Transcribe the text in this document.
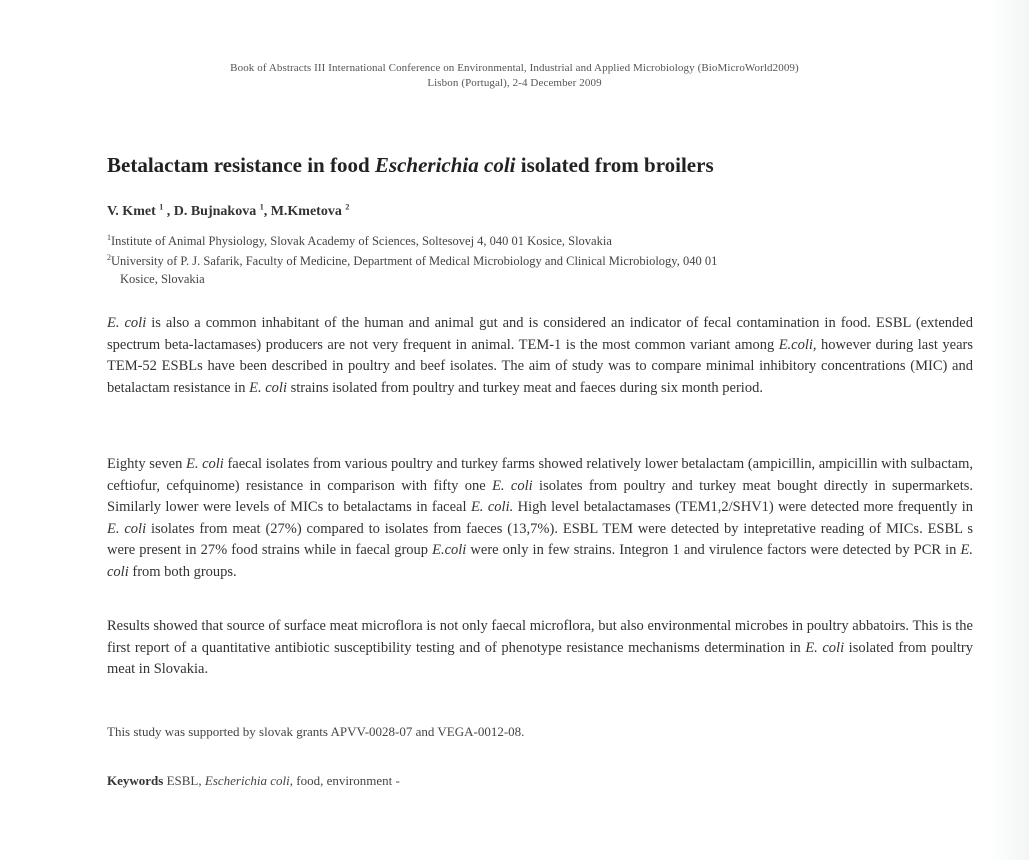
Book of Abstracts III International Conference on Environmental, Industrial and Applied Microbiology (BioMicroWorld2009)
Lisbon (Portugal), 2-4 December 2009
Betalactam resistance in food Escherichia coli isolated from broilers
V. Kmet $^1$ , D. Bujnakova $^1$, M.Kmetova $^2$
$^1$Institute of Animal Physiology, Slovak Academy of Sciences, Soltesovej 4, 040 01 Kosice, Slovakia
$^2$University of P. J. Safarik, Faculty of Medicine, Department of Medical Microbiology and Clinical Microbiology, 040 01
Kosice, Slovakia
E. coli is also a common inhabitant of the human and animal gut and is considered an indicator of fecal contamination in food. ESBL (extended spectrum beta-lactamases) producers are not very frequent in animal. TEM-1 is the most common variant among E.coli, however during last years TEM-52 ESBLs have been described in poultry and beef isolates. The aim of study was to compare minimal inhibitory concentrations (MIC) and betalactam resistance in E. coli strains isolated from poultry and turkey meat and faeces during six month period.
Eighty seven E. coli faecal isolates from various poultry and turkey farms showed relatively lower betalactam (ampicillin, ampicillin with sulbactam, ceftiofur, cefquinome) resistance in comparison with fifty one E. coli isolates from poultry and turkey meat bought directly in supermarkets. Similarly lower were levels of MICs to betalactams in faceal E. coli. High level betalactamases (TEM1,2/SHV1) were detected more frequently in E. coli isolates from meat (27%) compared to isolates from faeces (13,7%). ESBL TEM were detected by intepretative reading of MICs. ESBL s were present in 27% food strains while in faecal group E.coli were only in few strains. Integron 1 and virulence factors were detected by PCR in E. coli from both groups.
Results showed that source of surface meat microflora is not only faecal microflora, but also environmental microbes in poultry abbatoirs. This is the first report of a quantitative antibiotic susceptibility testing and of phenotype resistance mechanisms determination in E. coli isolated from poultry meat in Slovakia.
This study was supported by slovak grants APVV-0028-07 and VEGA-0012-08.
Keywords ESBL, Escherichia coli, food, environment -
